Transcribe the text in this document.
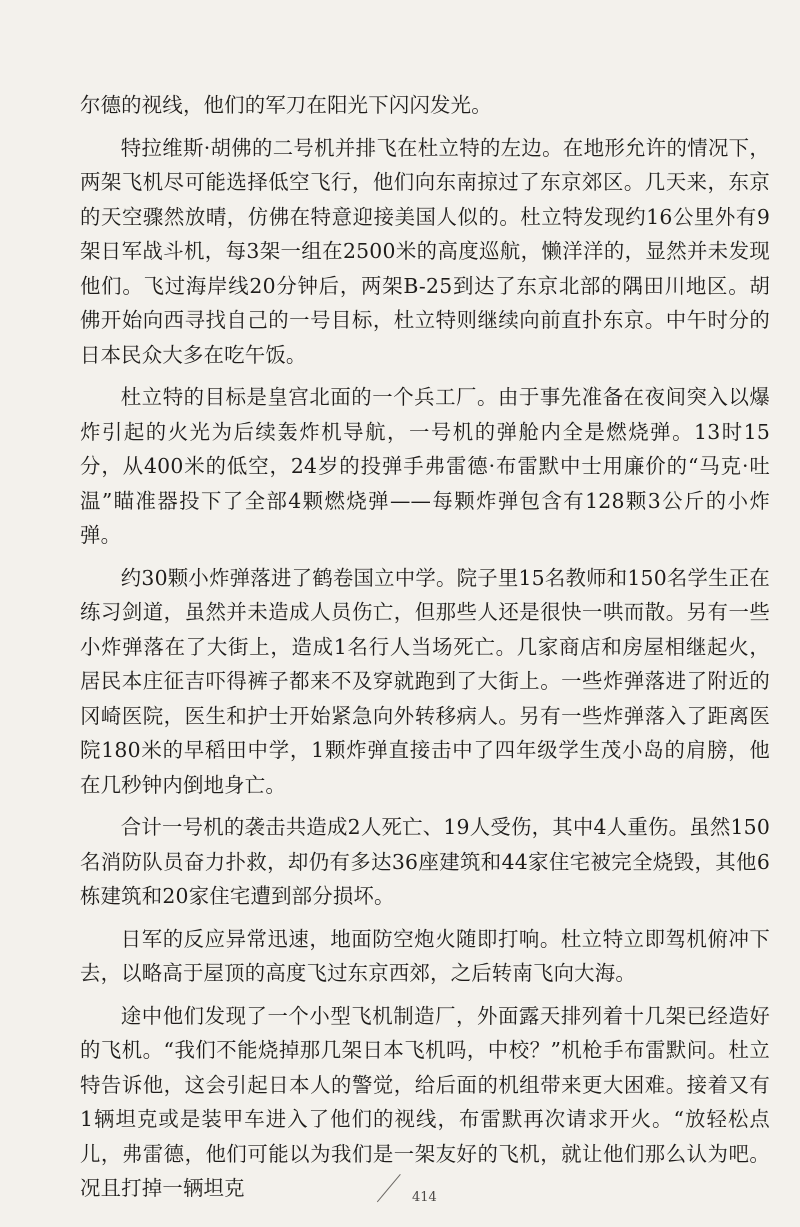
尔德的视线，他们的军刀在阳光下闪闪发光。

特拉维斯·胡佛的二号机并排飞在杜立特的左边。在地形允许的情况下，两架飞机尽可能选择低空飞行，他们向东南掠过了东京郊区。几天来，东京的天空骤然放晴，仿佛在特意迎接美国人似的。杜立特发现约16公里外有9架日军战斗机，每3架一组在2500米的高度巡航，懒洋洋的，显然并未发现他们。飞过海岸线20分钟后，两架B-25到达了东京北部的隅田川地区。胡佛开始向西寻找自己的一号目标，杜立特则继续向前直扑东京。中午时分的日本民众大多在吃午饭。

杜立特的目标是皇宫北面的一个兵工厂。由于事先准备在夜间突入以爆炸引起的火光为后续轰炸机导航，一号机的弹舱内全是燃烧弹。13时15分，从400米的低空，24岁的投弹手弗雷德·布雷默中士用廉价的“马克·吐温”瞄准器投下了全部4颗燃烧弹——每颗炸弹包含有128颗3公斤的小炸弹。

约30颗小炸弹落进了鹤卷国立中学。院子里15名教师和150名学生正在练习剑道，虽然并未造成人员伤亡，但那些人还是很快一哄而散。另有一些小炸弹落在了大街上，造成1名行人当场死亡。几家商店和房屋相继起火，居民本庄征吉吓得裤子都来不及穿就跑到了大街上。一些炸弹落进了附近的冈崎医院，医生和护士开始紧急向外转移病人。另有一些炸弹落入了距离医院180米的早稻田中学，1颗炸弹直接击中了四年级学生茂小岛的肩膀，他在几秒钟内倒地身亡。

合计一号机的袭击共造成2人死亡、19人受伤，其中4人重伤。虽然150名消防队员奋力扑救，却仍有多达36座建筑和44家住宅被完全烧毁，其他6栋建筑和20家住宅遭到部分损坏。

日军的反应异常迅速，地面防空炮火随即打响。杜立特立即驾机俯冲下去，以略高于屋顶的高度飞过东京西郊，之后转南飞向大海。

途中他们发现了一个小型飞机制造厂，外面露天排列着十几架已经造好的飞机。“我们不能烧掉那几架日本飞机吗，中校？”机枪手布雷默问。杜立特告诉他，这会引起日本人的警觉，给后面的机组带来更大困难。接着又有1辆坦克或是装甲车进入了他们的视线，布雷默再次请求开火。“放轻松点儿，弗雷德，他们可能以为我们是一架友好的飞机，就让他们那么认为吧。况且打掉一辆坦克	414
